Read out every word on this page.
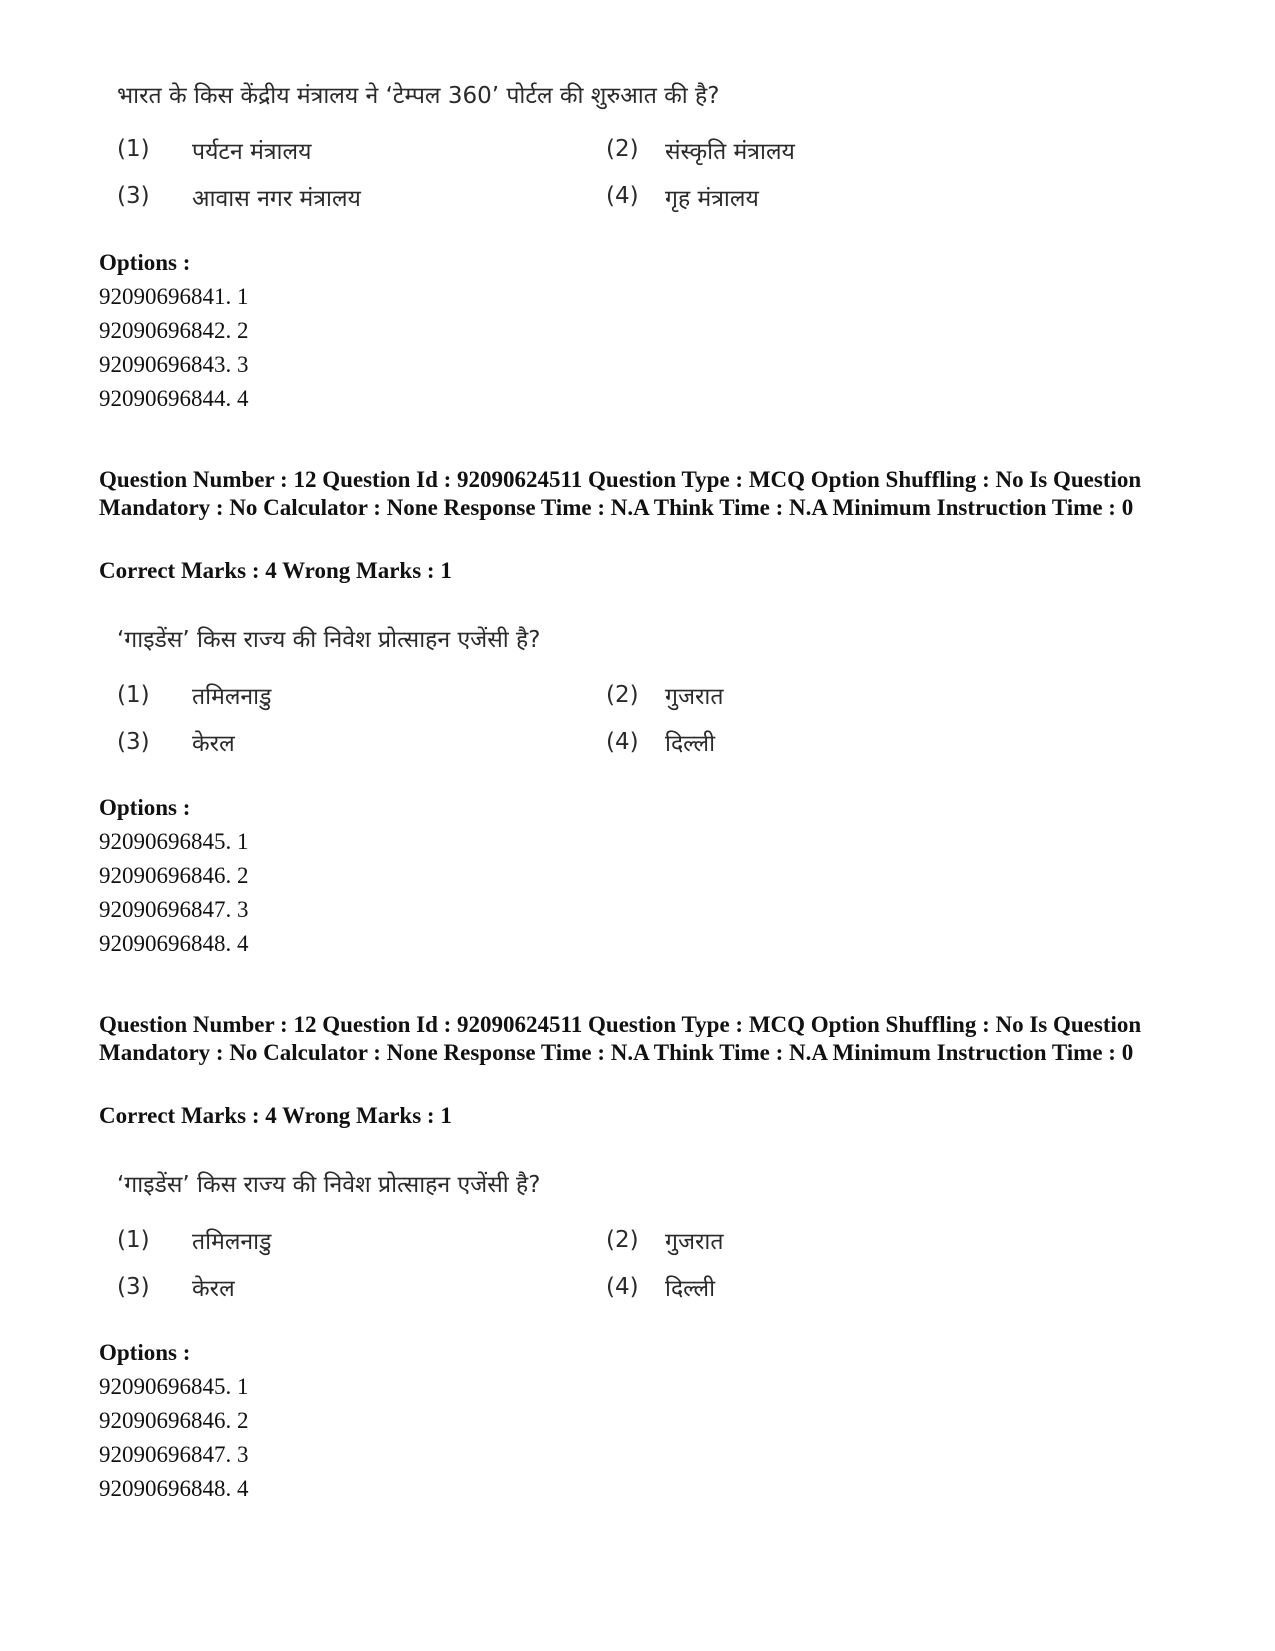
भारत के किस केंद्रीय मंत्रालय ने ‘टेम्पल 360’ पोर्टल की शुरुआत की है?
(1) पर्यटन मंत्रालय	(2) संस्कृति मंत्रालय
(3) आवास नगर मंत्रालय	(4) गृह मंत्रालय
Options :
92090696841. 1
92090696842. 2
92090696843. 3
92090696844. 4
Question Number : 12 Question Id : 92090624511 Question Type : MCQ Option Shuffling : No Is Question Mandatory : No Calculator : None Response Time : N.A Think Time : N.A Minimum Instruction Time : 0
Correct Marks : 4 Wrong Marks : 1
‘गाइडेंस’ किस राज्य की निवेश प्रोत्साहन एजेंसी है?
(1) तमिलनाडु	(2) गुजरात
(3) केरल	(4) दिल्ली
Options :
92090696845. 1
92090696846. 2
92090696847. 3
92090696848. 4
Question Number : 12 Question Id : 92090624511 Question Type : MCQ Option Shuffling : No Is Question Mandatory : No Calculator : None Response Time : N.A Think Time : N.A Minimum Instruction Time : 0
Correct Marks : 4 Wrong Marks : 1
‘गाइडेंस’ किस राज्य की निवेश प्रोत्साहन एजेंसी है?
(1) तमिलनाडु	(2) गुजरात
(3) केरल	(4) दिल्ली
Options :
92090696845. 1
92090696846. 2
92090696847. 3
92090696848. 4
